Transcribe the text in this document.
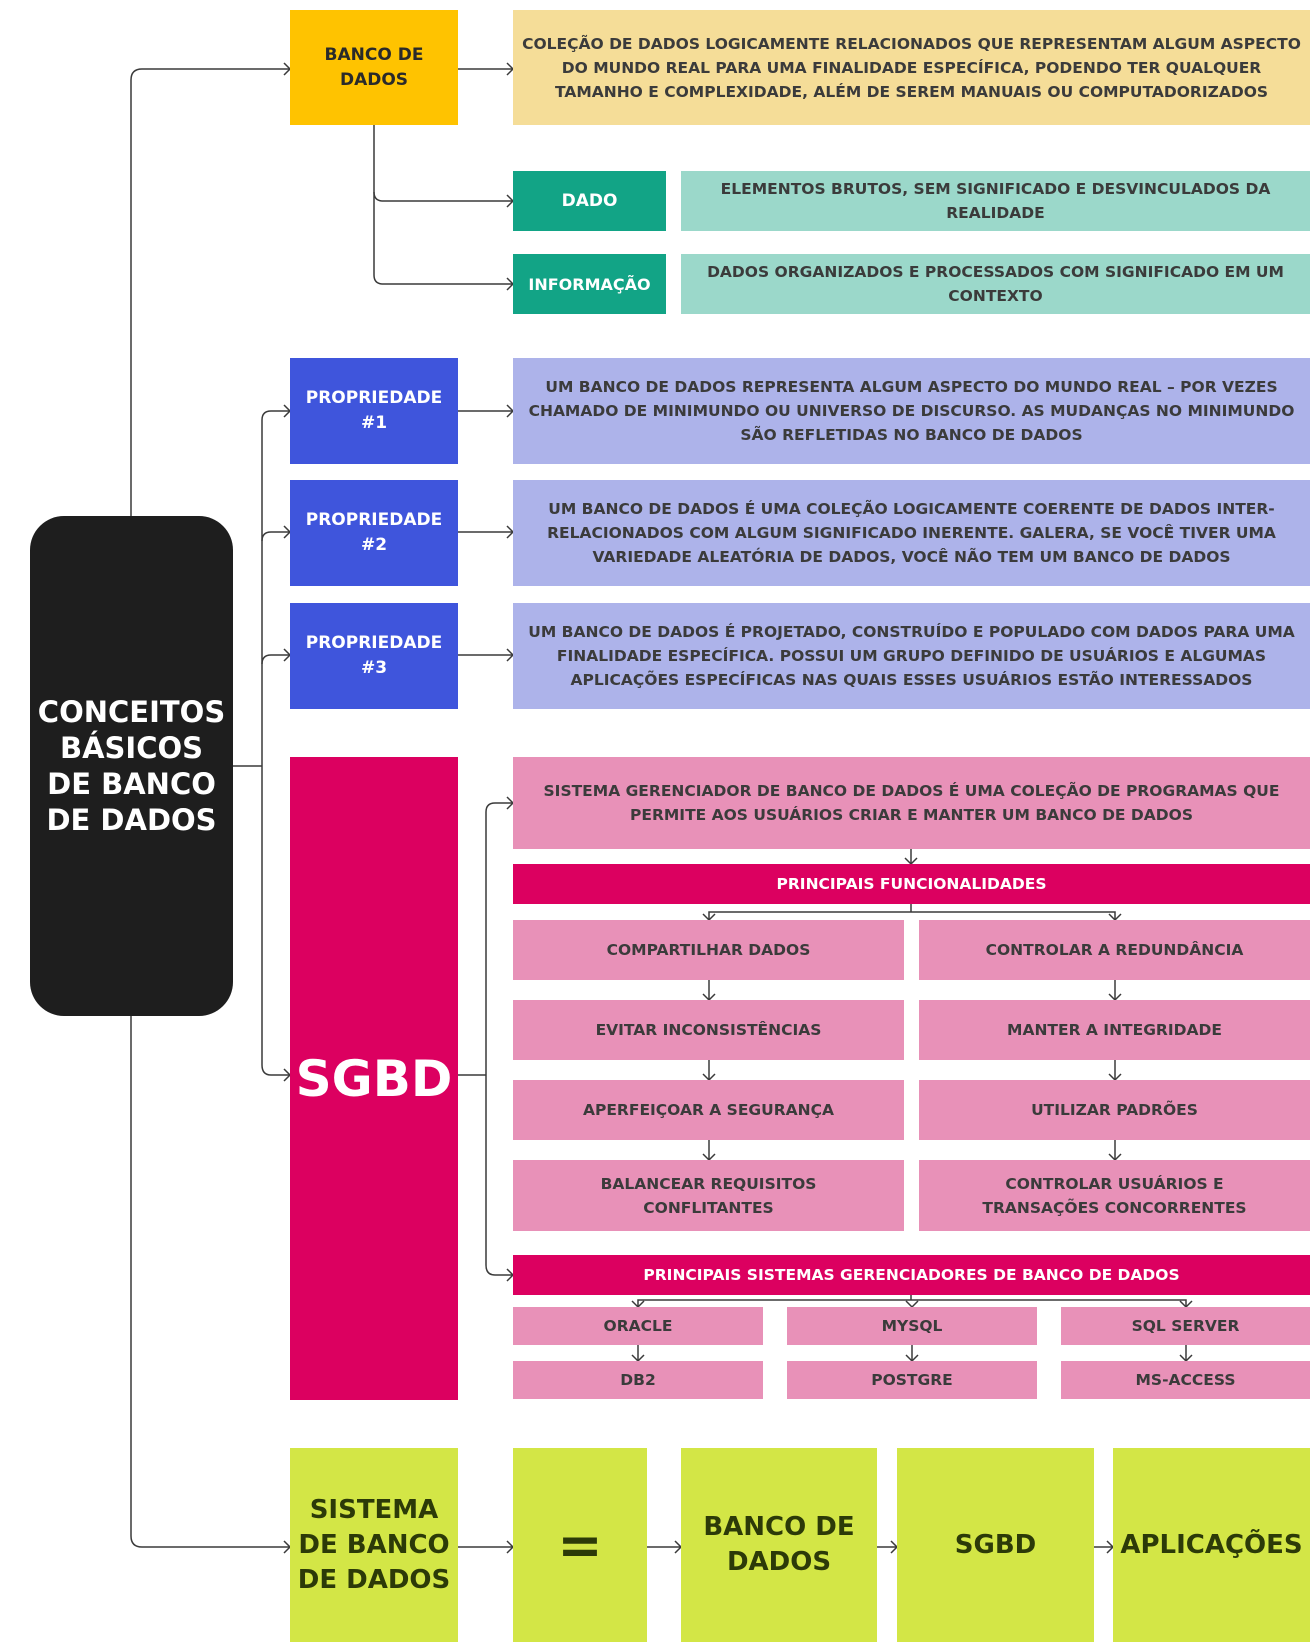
CONCEITOS BÁSICOS DE BANCO DE DADOS
BANCO DE DADOS
COLEÇÃO DE DADOS LOGICAMENTE RELACIONADOS QUE REPRESENTAM ALGUM ASPECTO DO MUNDO REAL PARA UMA FINALIDADE ESPECÍFICA, PODENDO TER QUALQUER TAMANHO E COMPLEXIDADE, ALÉM DE SEREM MANUAIS OU COMPUTADORIZADOS
DADO
ELEMENTOS BRUTOS, SEM SIGNIFICADO E DESVINCULADOS DA REALIDADE
INFORMAÇÃO
DADOS ORGANIZADOS E PROCESSADOS COM SIGNIFICADO EM UM CONTEXTO
PROPRIEDADE #1
UM BANCO DE DADOS REPRESENTA ALGUM ASPECTO DO MUNDO REAL – POR VEZES CHAMADO DE MINIMUNDO OU UNIVERSO DE DISCURSO. AS MUDANÇAS NO MINIMUNDO SÃO REFLETIDAS NO BANCO DE DADOS
PROPRIEDADE #2
UM BANCO DE DADOS É UMA COLEÇÃO LOGICAMENTE COERENTE DE DADOS INTER-RELACIONADOS COM ALGUM SIGNIFICADO INERENTE. GALERA, SE VOCÊ TIVER UMA VARIEDADE ALEATÓRIA DE DADOS, VOCÊ NÃO TEM UM BANCO DE DADOS
PROPRIEDADE #3
UM BANCO DE DADOS É PROJETADO, CONSTRUÍDO E POPULADO COM DADOS PARA UMA FINALIDADE ESPECÍFICA. POSSUI UM GRUPO DEFINIDO DE USUÁRIOS E ALGUMAS APLICAÇÕES ESPECÍFICAS NAS QUAIS ESSES USUÁRIOS ESTÃO INTERESSADOS
SGBD
SISTEMA GERENCIADOR DE BANCO DE DADOS É UMA COLEÇÃO DE PROGRAMAS QUE PERMITE AOS USUÁRIOS CRIAR E MANTER UM BANCO DE DADOS
PRINCIPAIS FUNCIONALIDADES
COMPARTILHAR DADOS
EVITAR INCONSISTÊNCIAS
APERFEIÇOAR A SEGURANÇA
BALANCEAR REQUISITOS CONFLITANTES
CONTROLAR A REDUNDÂNCIA
MANTER A INTEGRIDADE
UTILIZAR PADRÕES
CONTROLAR USUÁRIOS E TRANSAÇÕES CONCORRENTES
PRINCIPAIS SISTEMAS GERENCIADORES DE BANCO DE DADOS
ORACLE	MYSQL	SQL SERVER
DB2	POSTGRE	MS-ACCESS
SISTEMA DE BANCO DE DADOS
=	BANCO DE DADOS
SGBD	APLICAÇÕES
